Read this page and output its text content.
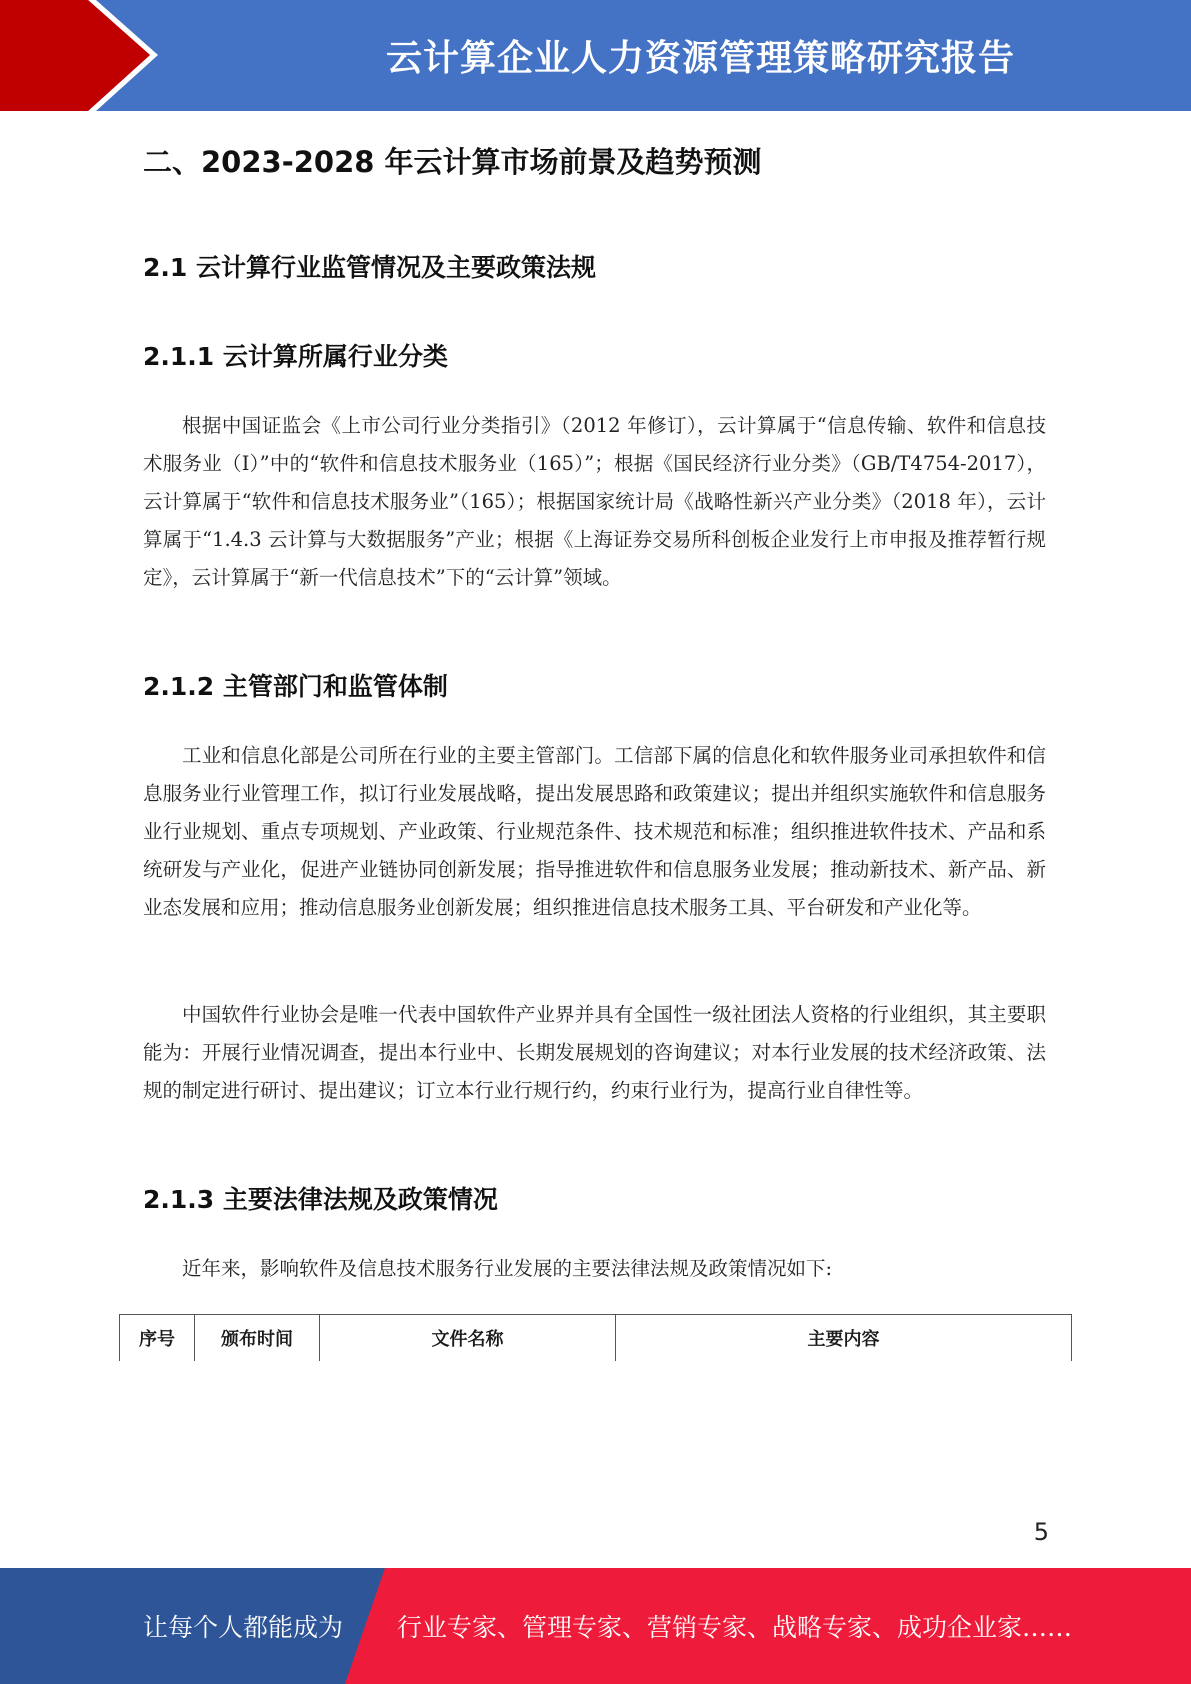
云计算企业人力资源管理策略研究报告
二、2023-2028 年云计算市场前景及趋势预测
2.1 云计算行业监管情况及主要政策法规
2.1.1 云计算所属行业分类

根据中国证监会《上市公司行业分类指引》（2012 年修订），云计算属于“信息传输、软件和信息技术服务业（I）”中的“软件和信息技术服务业（165）”；根据《国民经济行业分类》（GB/T4754-2017），云计算属于“软件和信息技术服务业”（165）；根据国家统计局《战略性新兴产业分类》（2018 年），云计算属于“1.4.3 云计算与大数据服务”产业；根据《上海证券交易所科创板企业发行上市申报及推荐暂行规定》，云计算属于“新一代信息技术”下的“云计算”领域。

2.1.2 主管部门和监管体制

工业和信息化部是公司所在行业的主要主管部门。工信部下属的信息化和软件服务业司承担软件和信息服务业行业管理工作，拟订行业发展战略，提出发展思路和政策建议；提出并组织实施软件和信息服务业行业规划、重点专项规划、产业政策、行业规范条件、技术规范和标准；组织推进软件技术、产品和系统研发与产业化，促进产业链协同创新发展；指导推进软件和信息服务业发展；推动新技术、新产品、新业态发展和应用；推动信息服务业创新发展；组织推进信息技术服务工具、平台研发和产业化等。

中国软件行业协会是唯一代表中国软件产业界并具有全国性一级社团法人资格的行业组织，其主要职能为：开展行业情况调查，提出本行业中、长期发展规划的咨询建议；对本行业发展的技术经济政策、法规的制定进行研讨、提出建议；订立本行业行规行约，约束行业行为，提高行业自律性等。

2.1.3 主要法律法规及政策情况

近年来，影响软件及信息技术服务行业发展的主要法律法规及政策情况如下:

序号	颁布时间	文件名称	主要内容
5
让每个人都能成为 行业专家、管理专家、营销专家、战略专家、成功企业家……
